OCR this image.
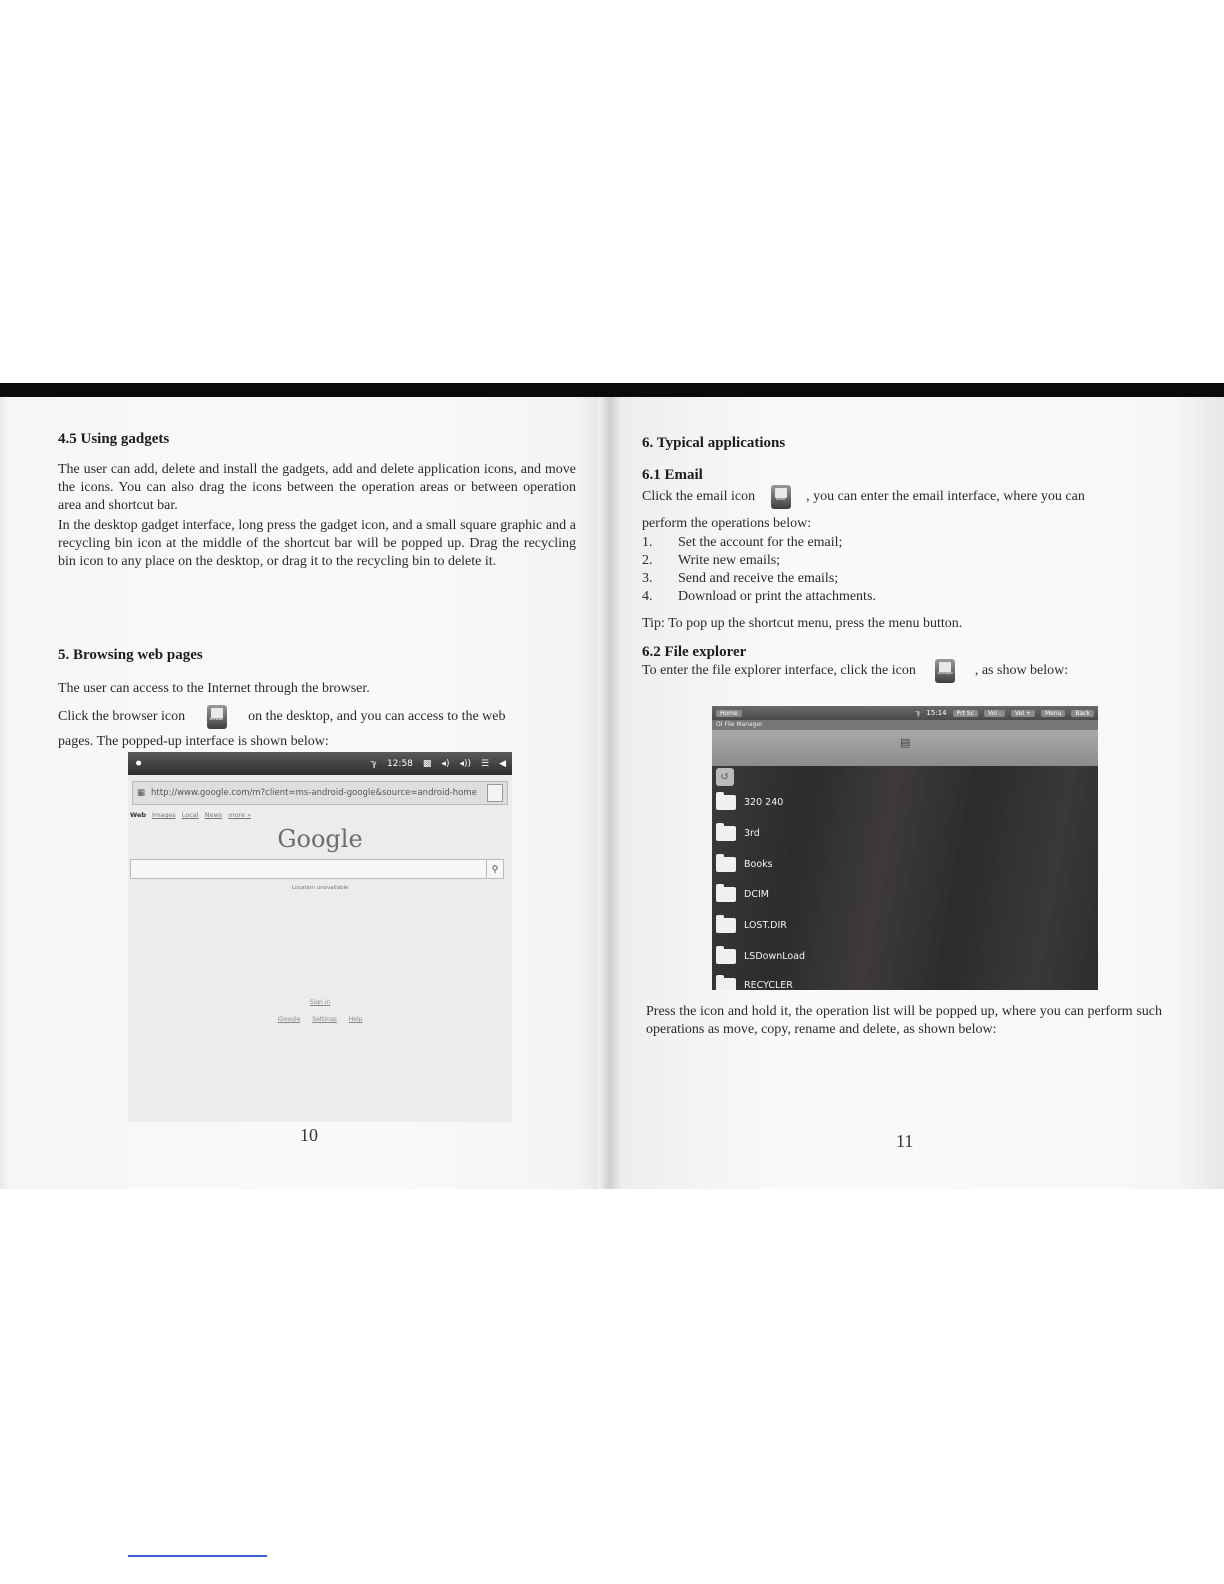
4.5 Using gadgets

The user can add, delete and install the gadgets, add and delete application icons, and move the icons. You can also drag the icons between the operation areas or between operation area and shortcut bar.

In the desktop gadget interface, long press the gadget icon, and a small square graphic and a recycling bin icon at the middle of the shortcut bar will be popped up. Drag the recycling bin icon to any place on the desktop, or drag it to the recycling bin to delete it.

5. Browsing web pages

The user can access to the Internet through the browser.

Click the browser icon	Browser on the desktop, and you can access to the web

pages. The popped-up interface is shown below:

10
⚫	ℽ 12:58 ▩ ◂) ◂)) ☰ ◀
▦ http://www.google.com/m?client=ms-android-google&source=android-home
Web Images Local News more »
Google
⚲
Location unavailable
Sign in
iGoogle Settings Help
6. Typical applications
6.1 Email
Click the email icon	Email	, you can enter the email interface, where you can

perform the operations below:

1. Set the account for the email;
2. Write new emails;
3. Send and receive the emails;
4. Download or print the attachments.

Tip: To pop up the shortcut menu, press the menu button.

6.2 File explorer
To enter the file explorer interface, click the icon
OI File Manager , as show below:

Press the icon and hold it, the operation list will be popped up, where you can perform such operations as move, copy, rename and delete, as shown below:

11
Home	ℽ 15:14	Prt Sc	Vol -	Vol +	Menu	Back
OI File Manager
▤
↺
320 240
3rd
Books
DCIM
LOST.DIR
LSDownLoad
RECYCLER
